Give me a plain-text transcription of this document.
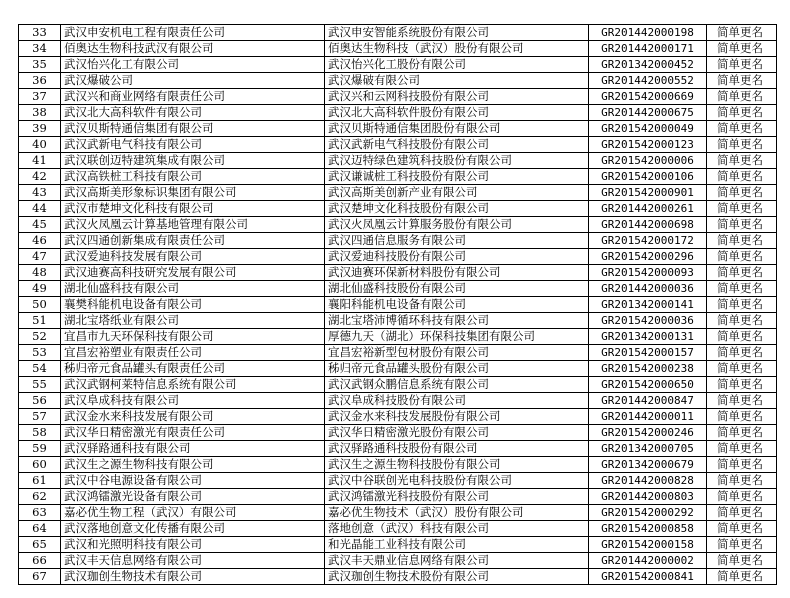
33	武汉申安机电工程有限责任公司	武汉申安智能系统股份有限公司	GR201442000198	简单更名
34	佰奥达生物科技武汉有限公司	佰奥达生物科技（武汉）股份有限公司	GR201442000171	简单更名
35	武汉怡兴化工有限公司	武汉怡兴化工股份有限公司	GR201342000452	简单更名
36	武汉爆破公司	武汉爆破有限公司	GR201442000552	简单更名
37	武汉兴和商业网络有限责任公司	武汉兴和云网科技股份有限公司	GR201542000669	简单更名
38	武汉北大高科软件有限公司	武汉北大高科软件股份有限公司	GR201442000675	简单更名
39	武汉贝斯特通信集团有限公司	武汉贝斯特通信集团股份有限公司	GR201542000049	简单更名
40	武汉武新电气科技有限公司	武汉武新电气科技股份有限公司	GR201542000123	简单更名
41	武汉联创迈特建筑集成有限公司	武汉迈特绿色建筑科技股份有限公司	GR201542000006	简单更名
42	武汉高铁桩工科技有限公司	武汉谦诚桩工科技股份有限公司	GR201542000106	简单更名
43	武汉高斯美形象标识集团有限公司	武汉高斯美创新产业有限公司	GR201542000901	简单更名
44	武汉市楚坤文化科技有限公司	武汉楚坤文化科技股份有限公司	GR201442000261	简单更名
45	武汉火凤凰云计算基地管理有限公司	武汉火凤凰云计算服务股份有限公司	GR201442000698	简单更名
46	武汉四通创新集成有限责任公司	武汉四通信息服务有限公司	GR201542000172	简单更名
47	武汉爱迪科技发展有限公司	武汉爱迪科技股份有限公司	GR201542000296	简单更名
48	武汉迪赛高科技研究发展有限公司	武汉迪赛环保新材料股份有限公司	GR201542000093	简单更名
49	湖北仙盛科技有限公司	湖北仙盛科技股份有限公司	GR201442000036	简单更名
50	襄樊科能机电设备有限公司	襄阳科能机电设备有限公司	GR201342000141	简单更名
51	湖北宝塔纸业有限公司	湖北宝塔沛博循环科技有限公司	GR201542000036	简单更名
52	宜昌市九天环保科技有限公司	厚德九天（湖北）环保科技集团有限公司	GR201342000131	简单更名
53	宜昌宏裕塑业有限责任公司	宜昌宏裕新型包材股份有限公司	GR201542000157	简单更名
54	秭归帝元食品罐头有限责任公司	秭归帝元食品罐头股份有限公司	GR201542000238	简单更名
55	武汉武钢柯莱特信息系统有限公司	武汉武钢众鹏信息系统有限公司	GR201542000650	简单更名
56	武汉阜成科技有限公司	武汉阜成科技股份有限公司	GR201442000847	简单更名
57	武汉金水来科技发展有限公司	武汉金水来科技发展股份有限公司	GR201442000011	简单更名
58	武汉华日精密激光有限责任公司	武汉华日精密激光股份有限公司	GR201542000246	简单更名
59	武汉驿路通科技有限公司	武汉驿路通科技股份有限公司	GR201342000705	简单更名
60	武汉生之源生物科技有限公司	武汉生之源生物科技股份有限公司	GR201342000679	简单更名
61	武汉中谷电源设备有限公司	武汉中谷联创光电科技股份有限公司	GR201442000828	简单更名
62	武汉鸿镭激光设备有限公司	武汉鸿镭激光科技股份有限公司	GR201442000803	简单更名
63	嘉必优生物工程（武汉）有限公司	嘉必优生物技术（武汉）股份有限公司	GR201542000292	简单更名
64	武汉落地创意文化传播有限公司	落地创意（武汉）科技有限公司	GR201542000858	简单更名
65	武汉和光照明科技有限公司	和光晶能工业科技有限公司	GR201542000158	简单更名
66	武汉丰天信息网络有限公司	武汉丰天鼎业信息网络有限公司	GR201442000002	简单更名
67	武汉珈创生物技术有限公司	武汉珈创生物技术股份有限公司	GR201542000841	简单更名
